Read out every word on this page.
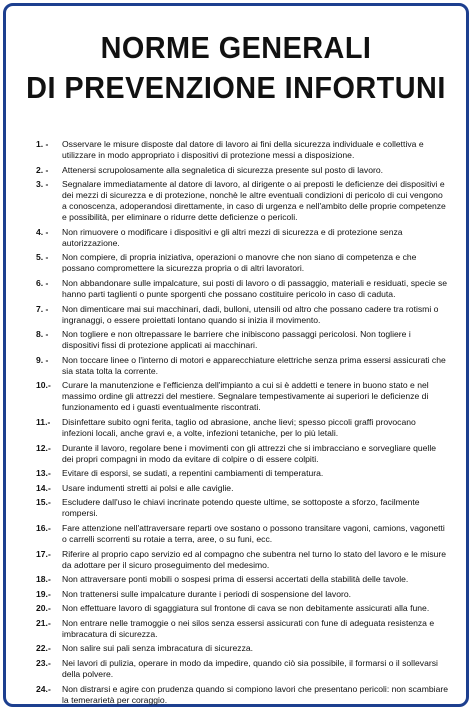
NORME GENERALI
DI PREVENZIONE INFORTUNI
1. -	Osservare le misure disposte dal datore di lavoro ai fini della sicurezza individuale e collettiva e utilizzare in modo appropriato i dispositivi di protezione messi a disposizione.
2. -	Attenersi scrupolosamente alla segnaletica di sicurezza presente sul posto di lavoro.
3. -	Segnalare immediatamente al datore di lavoro, al dirigente o ai preposti le deficienze dei dispositivi e dei mezzi di sicurezza e di protezione, nonchè le altre eventuali condizioni di pericolo di cui vengono a conoscenza, adoperandosi direttamente, in caso di urgenza e nell'ambito delle proprie competenze e possibilità, per eliminare o ridurre dette deficienze o pericoli.
4. -	Non rimuovere o modificare i dispositivi e gli altri mezzi di sicurezza e di protezione senza autorizzazione.
5. -	Non compiere, di propria iniziativa, operazioni o manovre che non siano di competenza e che possano compromettere la sicurezza propria o di altri lavoratori.
6. -	Non abbandonare sulle impalcature, sui posti di lavoro o di passaggio, materiali e residuati, specie se hanno parti taglienti o punte sporgenti che possano costituire pericolo in caso di caduta.
7. -	Non dimenticare mai sui macchinari, dadi, bulloni, utensili od altro che possano cadere tra rotismi o ingranaggi, o essere proiettati lontano quando si inizia il movimento.
8. -	Non togliere e non oltrepassare le barriere che inibiscono passaggi pericolosi. Non togliere i dispositivi fissi di protezione applicati ai macchinari.
9. -	Non toccare linee o l'interno di motori e apparecchiature elettriche senza prima essersi assicurati che sia stata tolta la corrente.
10.-	Curare la manutenzione e l'efficienza dell'impianto a cui si è addetti e tenere in buono stato e nel massimo ordine gli attrezzi del mestiere. Segnalare tempestivamente ai superiori le deficienze di funzionamento ed i guasti eventualmente riscontrati.
11.-	Disinfettare subito ogni ferita, taglio od abrasione, anche lievi; spesso piccoli graffi provocano infezioni locali, anche gravi e, a volte, infezioni tetaniche, per lo più letali.
12.-	Durante il lavoro, regolare bene i movimenti con gli attrezzi che si imbracciano e sorvegliare quelle dei propri compagni in modo da evitare di colpire o di essere colpiti.
13.-	Evitare di esporsi, se sudati, a repentini cambiamenti di temperatura.
14.-	Usare indumenti stretti ai polsi e alle caviglie.
15.-	Escludere dall'uso le chiavi incrinate potendo queste ultime, se sottoposte a sforzo, facilmente rompersi.
16.-	Fare attenzione nell'attraversare reparti ove sostano o possono transitare vagoni, camions, vagonetti o carrelli scorrenti su rotaie a terra, aree, o su funi, ecc.
17.-	Riferire al proprio capo servizio ed al compagno che subentra nel turno lo stato del lavoro e le misure da adottare per il sicuro proseguimento del medesimo.
18.-	Non attraversare ponti mobili o sospesi prima di essersi accertati della stabilità delle tavole.
19.-	Non trattenersi sulle impalcature durante i periodi di sospensione del lavoro.
20.-	Non effettuare lavoro di sgaggiatura sul frontone di cava se non debitamente assicurati alla fune.
21.-	Non entrare nelle tramoggie o nei silos senza essersi assicurati con fune di adeguata resistenza e imbracatura di sicurezza.
22.-	Non salire sui pali senza imbracatura di sicurezza.
23.-	Nei lavori di pulizia, operare in modo da impedire, quando ciò sia possibile, il formarsi o il sollevarsi della polvere.
24.-	Non distrarsi e agire con prudenza quando si compiono lavori che presentano pericoli: non scambiare la temerarietà per coraggio.
